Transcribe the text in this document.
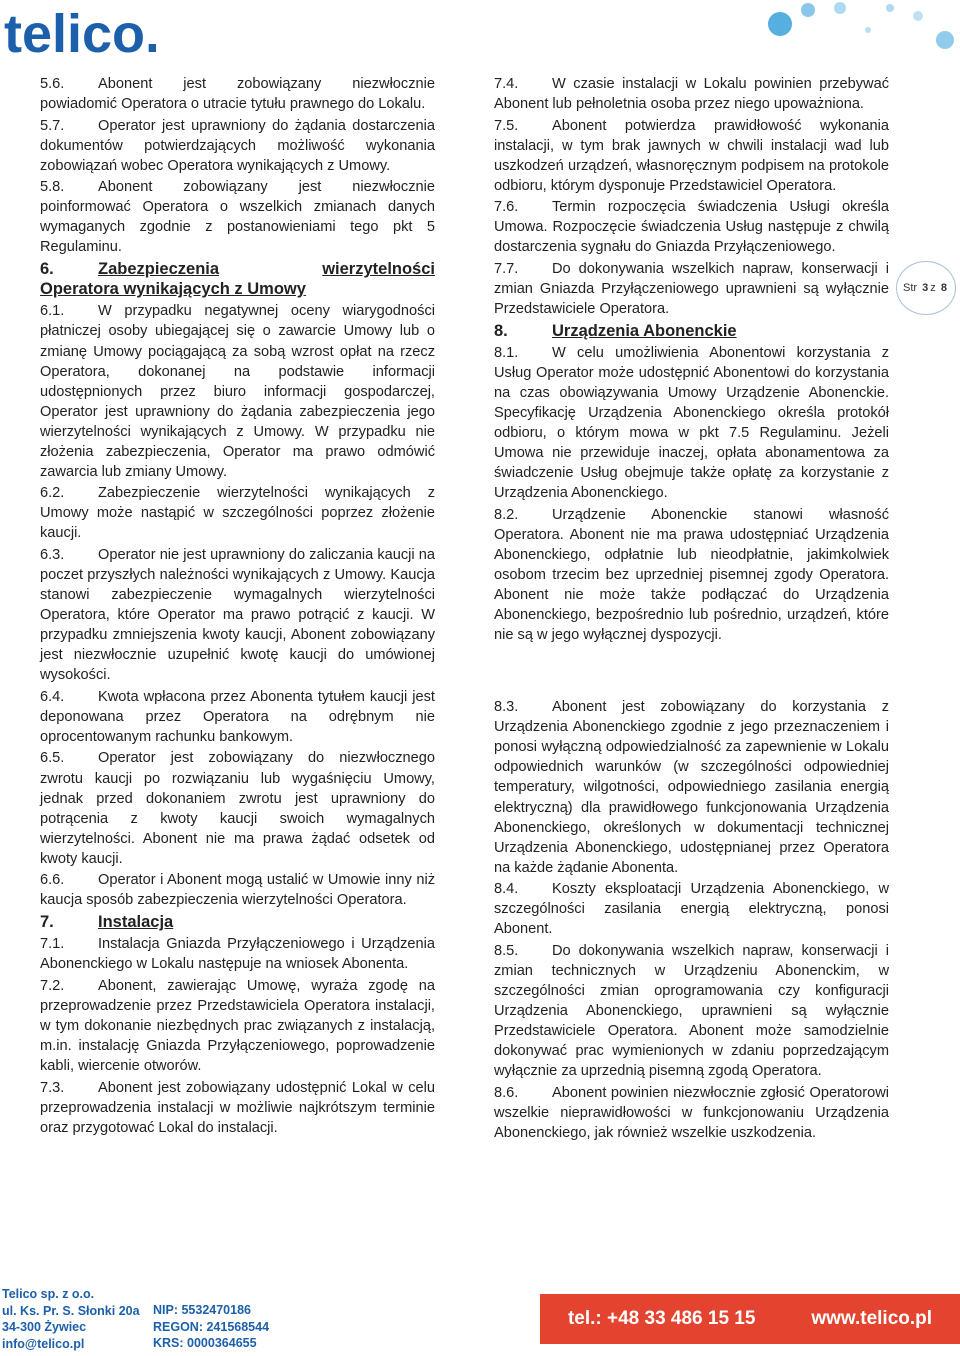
telico.
Str
3 z
8

5.6. Abonent jest zobowiązany niezwłocznie powiadomić Operatora o utracie tytułu prawnego do Lokalu.

5.7. Operator jest uprawniony do żądania dostarczenia dokumentów potwierdzających możliwość wykonania zobowiązań wobec Operatora wynikających z Umowy.

5.8. Abonent zobowiązany jest niezwłocznie poinformować Operatora o wszelkich zmianach danych wymaganych zgodnie z postanowieniami tego pkt 5 Regulaminu.

6.	Zabezpieczenia	wierzytelności
Operatora wynikających z Umowy

6.1. W przypadku negatywnej oceny wiarygodności płatniczej osoby ubiegającej się o zawarcie Umowy lub o zmianę Umowy pociągającą za sobą wzrost opłat na rzecz Operatora, dokonanej na podstawie informacji udostępnionych przez biuro informacji gospodarczej, Operator jest uprawniony do żądania zabezpieczenia jego wierzytelności wynikających z Umowy. W przypadku nie złożenia zabezpieczenia, Operator ma prawo odmówić zawarcia lub zmiany Umowy.

6.2. Zabezpieczenie wierzytelności wynikających z Umowy może nastąpić w szczególności poprzez złożenie kaucji.

6.3. Operator nie jest uprawniony do zaliczania kaucji na poczet przyszłych należności wynikających z Umowy. Kaucja stanowi zabezpieczenie wymagalnych wierzytelności Operatora, które Operator ma prawo potrącić z kaucji. W przypadku zmniejszenia kwoty kaucji, Abonent zobowiązany jest niezwłocznie uzupełnić kwotę kaucji do umówionej wysokości.

6.4. Kwota wpłacona przez Abonenta tytułem kaucji jest deponowana przez Operatora na odrębnym nie oprocentowanym rachunku bankowym.

6.5. Operator jest zobowiązany do niezwłocznego zwrotu kaucji po rozwiązaniu lub wygaśnięciu Umowy, jednak przed dokonaniem zwrotu jest uprawniony do potrącenia z kwoty kaucji swoich wymagalnych wierzytelności. Abonent nie ma prawa żądać odsetek od kwoty kaucji.

6.6. Operator i Abonent mogą ustalić w Umowie inny niż kaucja sposób zabezpieczenia wierzytelności Operatora.

7.	Instalacja

7.1. Instalacja Gniazda Przyłączeniowego i Urządzenia Abonenckiego w Lokalu następuje na wniosek Abonenta.

7.2. Abonent, zawierając Umowę, wyraża zgodę na przeprowadzenie przez Przedstawiciela Operatora instalacji, w tym dokonanie niezbędnych prac związanych z instalacją, m.in. instalację Gniazda Przyłączeniowego, poprowadzenie kabli, wiercenie otworów.

7.3. Abonent jest zobowiązany udostępnić Lokal w celu przeprowadzenia instalacji w możliwie najkrótszym terminie oraz przygotować Lokal do instalacji.

7.4. W czasie instalacji w Lokalu powinien przebywać Abonent lub pełnoletnia osoba przez niego upoważniona.

7.5. Abonent potwierdza prawidłowość wykonania instalacji, w tym brak jawnych w chwili instalacji wad lub uszkodzeń urządzeń, własnoręcznym podpisem na protokole odbioru, którym dysponuje Przedstawiciel Operatora.

7.6. Termin rozpoczęcia świadczenia Usługi określa Umowa. Rozpoczęcie świadczenia Usług następuje z chwilą dostarczenia sygnału do Gniazda Przyłączeniowego.

7.7. Do dokonywania wszelkich napraw, konserwacji i zmian Gniazda Przyłączeniowego uprawnieni są wyłącznie Przedstawiciele Operatora.

8.	Urządzenia Abonenckie

8.1. W celu umożliwienia Abonentowi korzystania z Usług Operator może udostępnić Abonentowi do korzystania na czas obowiązywania Umowy Urządzenie Abonenckie. Specyfikację Urządzenia Abonenckiego określa protokół odbioru, o którym mowa w pkt 7.5 Regulaminu. Jeżeli Umowa nie przewiduje inaczej, opłata abonamentowa za świadczenie Usług obejmuje także opłatę za korzystanie z Urządzenia Abonenckiego.

8.2. Urządzenie Abonenckie stanowi własność Operatora. Abonent nie ma prawa udostępniać Urządzenia Abonenckiego, odpłatnie lub nieodpłatnie, jakimkolwiek osobom trzecim bez uprzedniej pisemnej zgody Operatora. Abonent nie może także podłączać do Urządzenia Abonenckiego, bezpośrednio lub pośrednio, urządzeń, które nie są w jego wyłącznej dyspozycji.

8.3. Abonent jest zobowiązany do korzystania z Urządzenia Abonenckiego zgodnie z jego przeznaczeniem i ponosi wyłączną odpowiedzialność za zapewnienie w Lokalu odpowiednich warunków (w szczególności odpowiedniej temperatury, wilgotności, odpowiedniego zasilania energią elektryczną) dla prawidłowego funkcjonowania Urządzenia Abonenckiego, określonych w dokumentacji technicznej Urządzenia Abonenckiego, udostępnianej przez Operatora na każde żądanie Abonenta.

8.4. Koszty eksploatacji Urządzenia Abonenckiego, w szczególności zasilania energią elektryczną, ponosi Abonent.

8.5. Do dokonywania wszelkich napraw, konserwacji i zmian technicznych w Urządzeniu Abonenckim, w szczególności zmian oprogramowania czy konfiguracji Urządzenia Abonenckiego, uprawnieni są wyłącznie Przedstawiciele Operatora. Abonent może samodzielnie dokonywać prac wymienionych w zdaniu poprzedzającym wyłącznie za uprzednią pisemną zgodą Operatora.

8.6. Abonent powinien niezwłocznie zgłosić Operatorowi wszelkie nieprawidłowości w funkcjonowaniu Urządzenia Abonenckiego, jak również wszelkie uszkodzenia.

Telico sp. z o.o.
ul. Ks. Pr. S. Słonki 20a
34-300 Żywiec
info@telico.pl
NIP: 5532470186
REGON: 241568544
KRS: 0000364655
tel.: +48 33 486 15 15	www.telico.pl
